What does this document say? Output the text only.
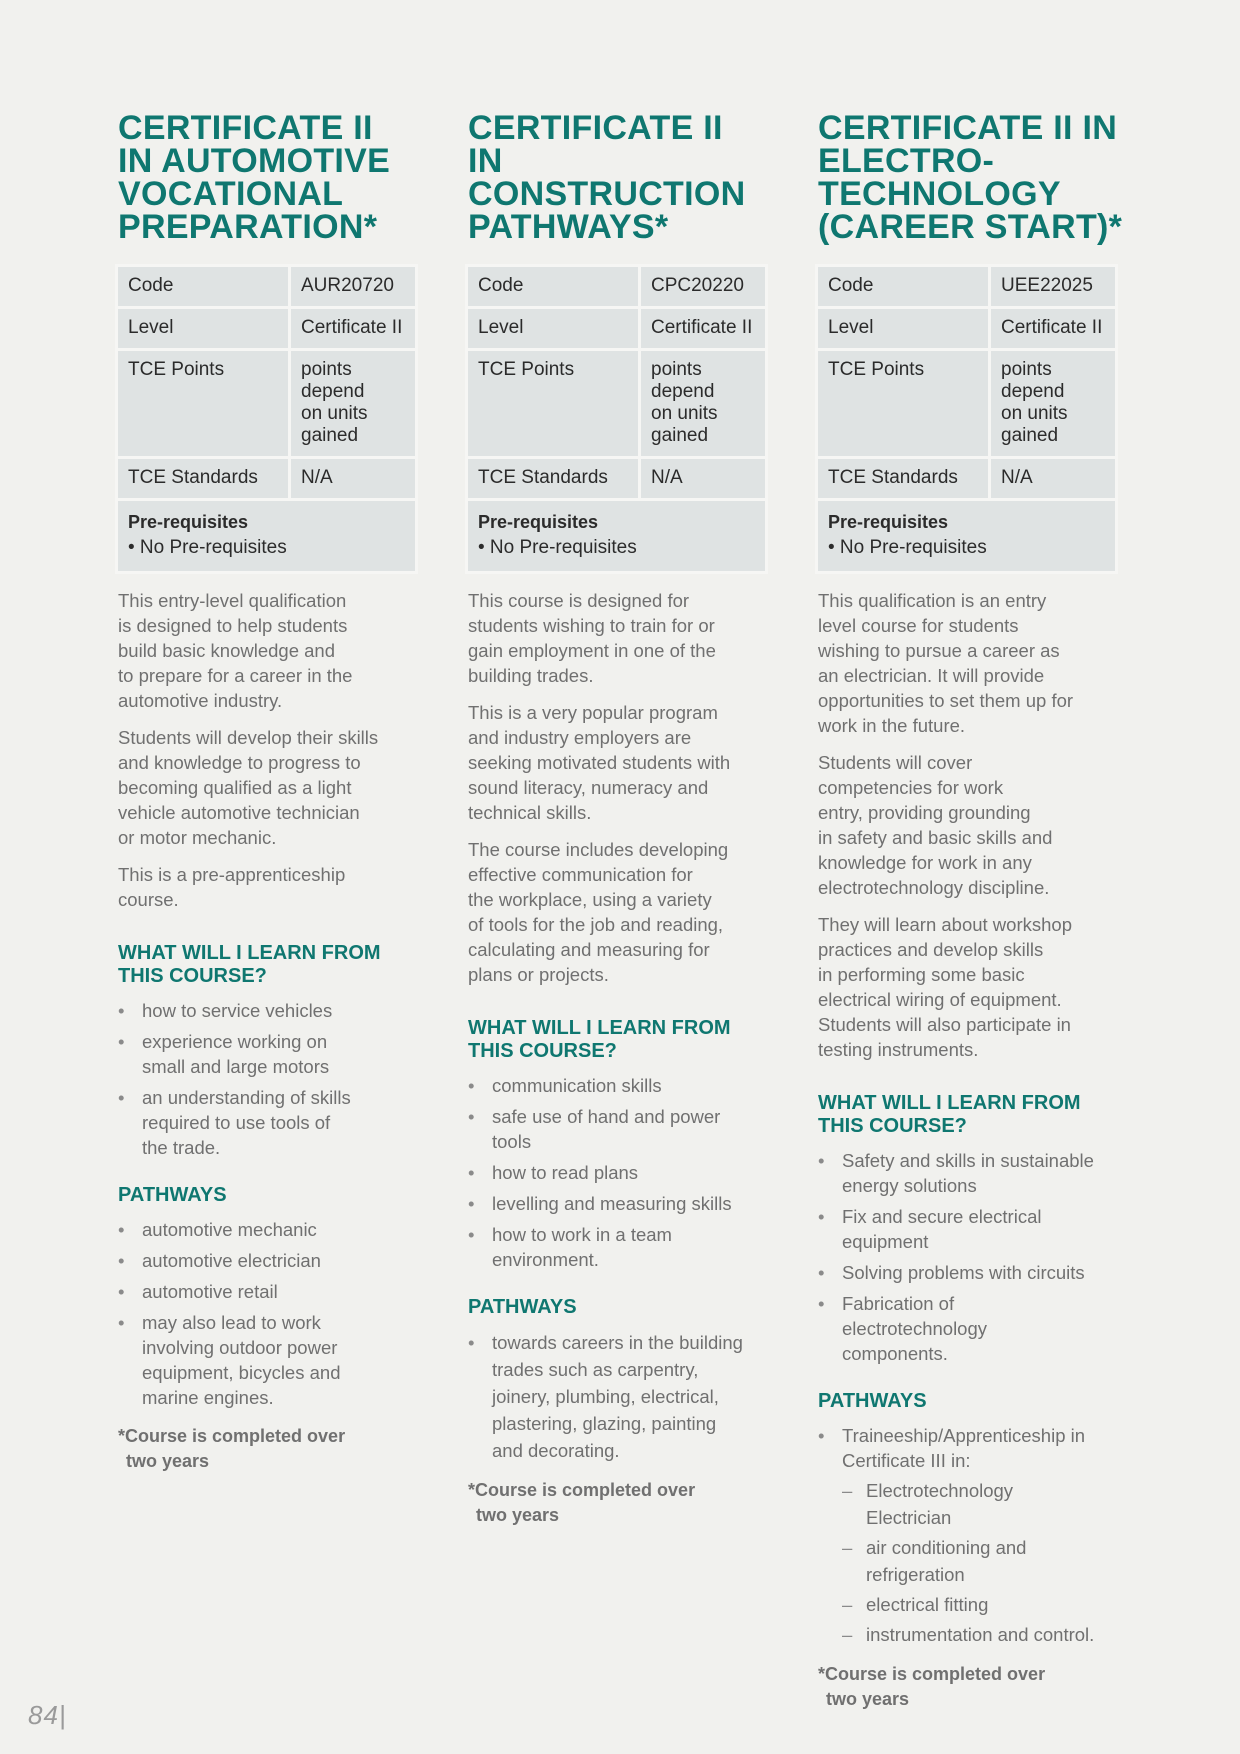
CERTIFICATE II
IN AUTOMOTIVE
VOCATIONAL
PREPARATION*
Code	AUR20720
Level	Certificate II
TCE Points	points
depend
on units
gained

TCE Standards	N/A

Pre-requisites
• No Pre-requisites	
This entry-level qualification
is designed to help students
build basic knowledge and
to prepare for a career in the
automotive industry.
Students will develop their skills
and knowledge to progress to
becoming qualified as a light
vehicle automotive technician
or motor mechanic.
This is a pre-apprenticeship
course.
WHAT WILL I LEARN FROM
THIS COURSE?
• how to service vehicles
• experience working on
small and large motors
• an understanding of skills
required to use tools of
the trade.
PATHWAYS
• automotive mechanic
• automotive electrician
• automotive retail
• may also lead to work
involving outdoor power
equipment, bicycles and
marine engines.
*Course is completed over
two years
CERTIFICATE II
IN CONSTRUCTION
PATHWAYS*
Code	CPC20220
Level	Certificate II
TCE Points	points
depend
on units
gained

TCE Standards	N/A

Pre-requisites
• No Pre-requisites	
This course is designed for
students wishing to train for or
gain employment in one of the
building trades.
This is a very popular program
and industry employers are
seeking motivated students with
sound literacy, numeracy and
technical skills.
The course includes developing
effective communication for
the workplace, using a variety
of tools for the job and reading,
calculating and measuring for
plans or projects.
WHAT WILL I LEARN FROM
THIS COURSE?
• communication skills
• safe use of hand and power
tools
• how to read plans
• levelling and measuring skills
• how to work in a team
environment.
PATHWAYS
• towards careers in the building
trades such as carpentry,
joinery, plumbing, electrical,
plastering, glazing, painting
and decorating.
*Course is completed over
two years
CERTIFICATE II IN
ELECTRO-
TECHNOLOGY
(CAREER START)*
Code	UEE22025
Level	Certificate II
TCE Points	points
depend
on units
gained

TCE Standards	N/A

Pre-requisites
• No Pre-requisites	
This qualification is an entry
level course for students
wishing to pursue a career as
an electrician. It will provide
opportunities to set them up for
work in the future.
Students will cover
competencies for work
entry, providing grounding
in safety and basic skills and
knowledge for work in any
electrotechnology discipline.
They will learn about workshop
practices and develop skills
in performing some basic
electrical wiring of equipment.
Students will also participate in
testing instruments.
WHAT WILL I LEARN FROM
THIS COURSE?
• Safety and skills in sustainable
energy solutions
• Fix and secure electrical
equipment
• Solving problems with circuits
• Fabrication of
electrotechnology
components.
PATHWAYS
• Traineeship/Apprenticeship in
Certificate III in:
– Electrotechnology
Electrician
– air conditioning and
refrigeration
– electrical fitting
– instrumentation and control.
*Course is completed over
two years
84|
